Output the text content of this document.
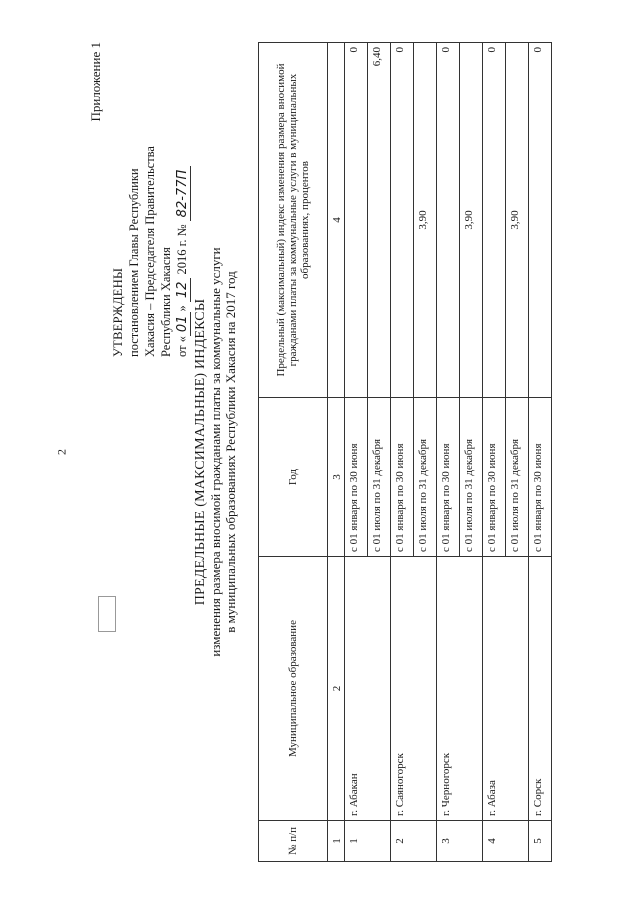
2
Приложение 1
УТВЕРЖДЕНЫ постановлением Главы Республики Хакасия – Председателя Правительства Республики Хакасия от «01» 12 2016 г. № 82-77П
ПРЕДЕЛЬНЫЕ (МАКСИМАЛЬНЫЕ) ИНДЕКСЫ изменения размера вносимой гражданами платы за коммунальные услуги в муниципальных образованиях Республики Хакасия на 2017 год
№ п/п	Муниципальное образование	Год	Предельный (максимальный) индекс изменения размера вносимой гражданами платы за коммунальные услуги в муниципальных образованиях, процентов
1	2	3	4
1	г. Абакан	с 01 января по 30 июня	0
		с 01 июля по 31 декабря	6,40
2	г. Саяногорск	с 01 января по 30 июня	0
		с 01 июля по 31 декабря	3,90
3	г. Черногорск	с 01 января по 30 июня	0
		с 01 июля по 31 декабря	3,90
4	г. Абаза	с 01 января по 30 июня	0
		с 01 июля по 31 декабря	3,90
5	г. Сорск	с 01 января по 30 июня	0
